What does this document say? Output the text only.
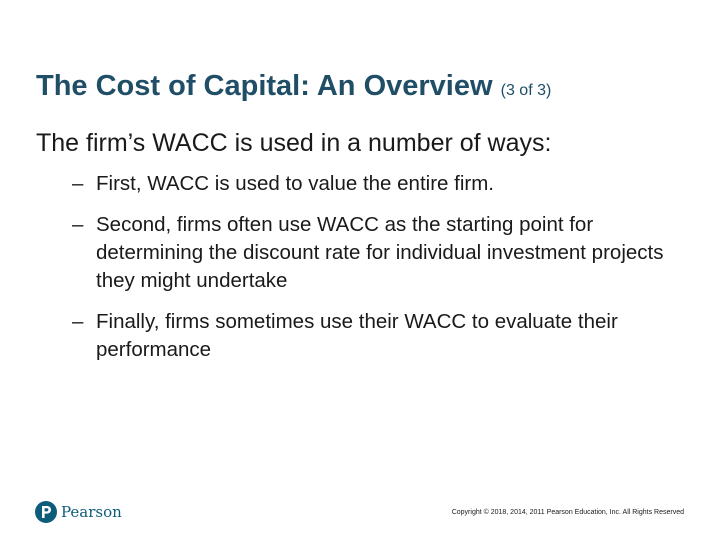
The Cost of Capital: An Overview (3 of 3)
The firm’s WACC is used in a number of ways:
– First, WACC is used to value the entire firm.
– Second, firms often use WACC as the starting point for determining the discount rate for individual investment projects they might undertake
– Finally, firms sometimes use their WACC to evaluate their performance
Pearson	Copyright © 2018, 2014, 2011 Pearson Education, Inc. All Rights Reserved
